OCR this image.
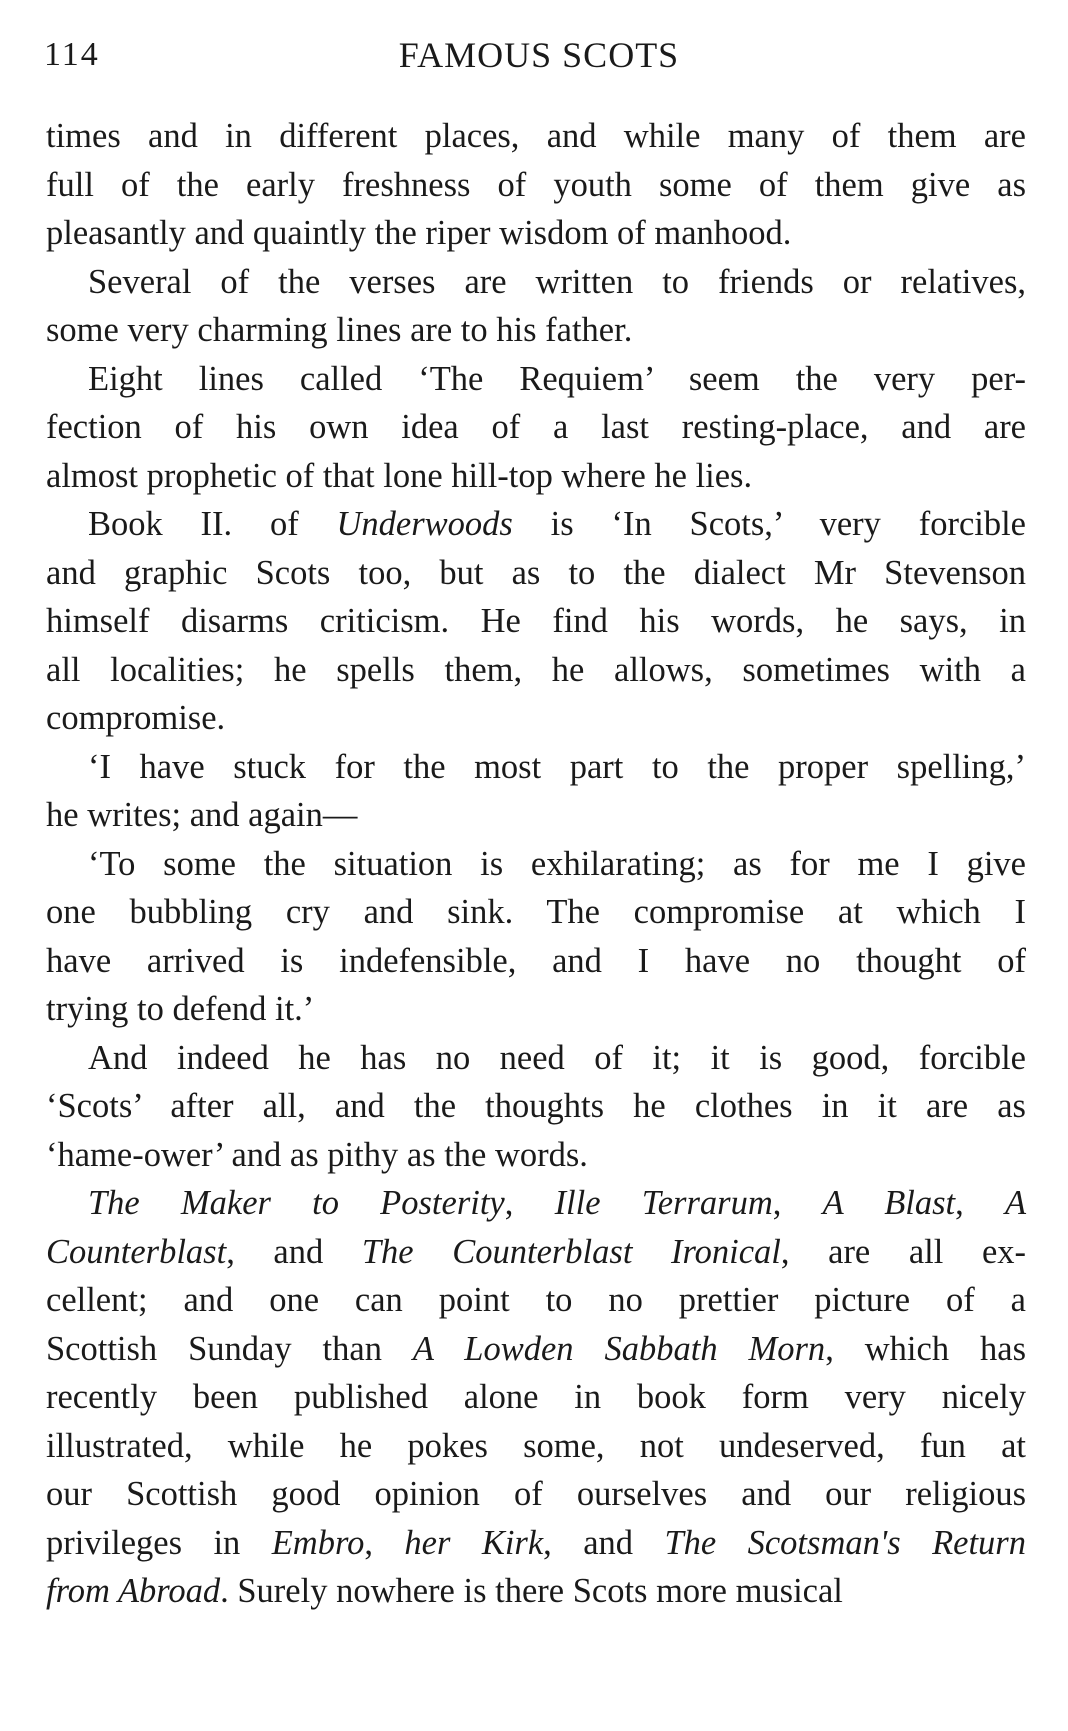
114	FAMOUS SCOTS
times and in different places, and while many of them are
full of the early freshness of youth some of them give as
pleasantly and quaintly the riper wisdom of manhood.
Several of the verses are written to friends or relatives,
some very charming lines are to his father.
Eight lines called ‘The Requiem’ seem the very per-
fection of his own idea of a last resting-place, and are
almost prophetic of that lone hill-top where he lies.
Book II. of Underwoods is ‘In Scots,’ very forcible
and graphic Scots too, but as to the dialect Mr Stevenson
himself disarms criticism. He find his words, he says, in
all localities; he spells them, he allows, sometimes with a
compromise.
‘I have stuck for the most part to the proper spelling,’
he writes; and again—
‘To some the situation is exhilarating; as for me I give
one bubbling cry and sink. The compromise at which I
have arrived is indefensible, and I have no thought of
trying to defend it.’
And indeed he has no need of it; it is good, forcible
‘Scots’ after all, and the thoughts he clothes in it are as
‘hame-ower’ and as pithy as the words.
The Maker to Posterity, Ille Terrarum, A Blast, A
Counterblast, and The Counterblast Ironical, are all ex-
cellent; and one can point to no prettier picture of a
Scottish Sunday than A Lowden Sabbath Morn, which has
recently been published alone in book form very nicely
illustrated, while he pokes some, not undeserved, fun at
our Scottish good opinion of ourselves and our religious
privileges in Embro, her Kirk, and The Scotsman's Return
from Abroad. Surely nowhere is there Scots more musical
